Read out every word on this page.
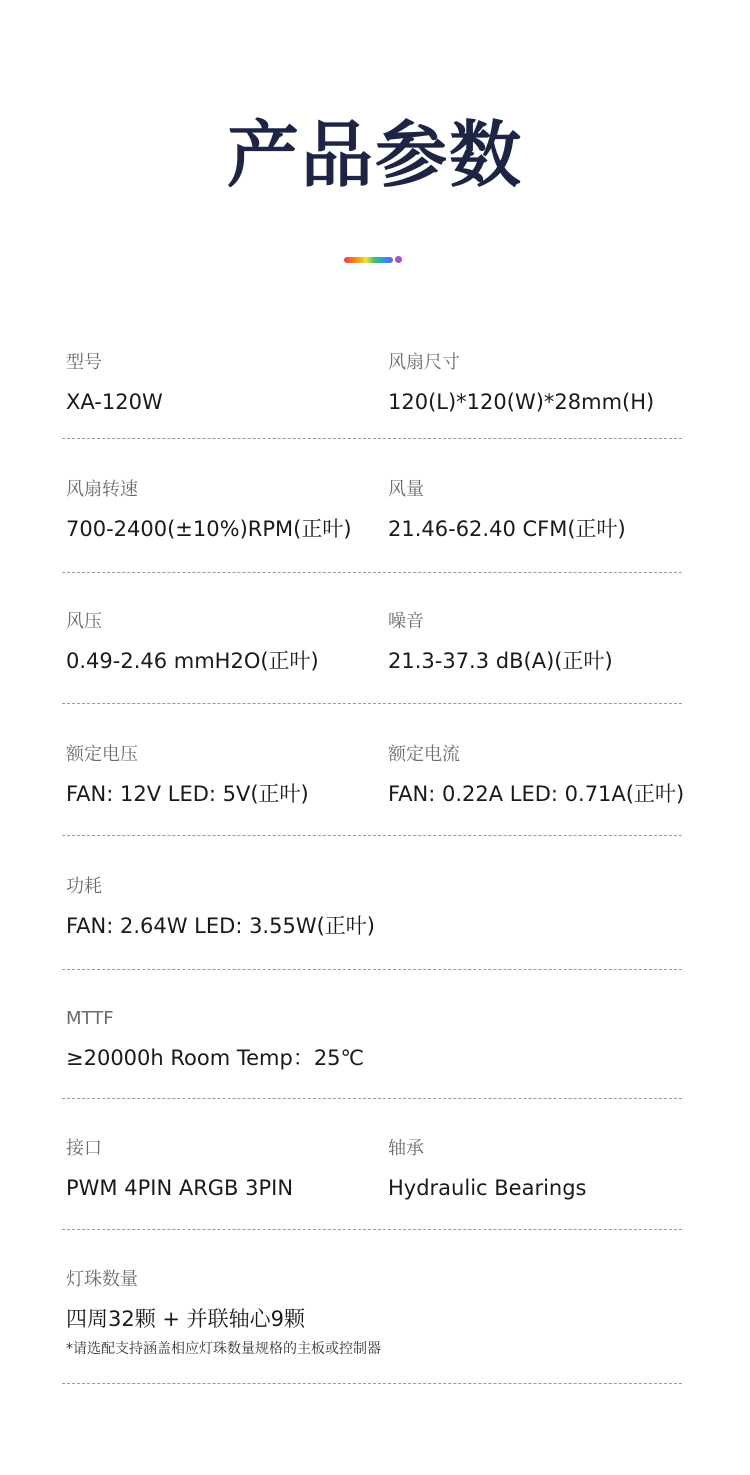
产品参数
型号
XA-120W
风扇尺寸
120(L)*120(W)*28mm(H)
风扇转速
700-2400(±10%)RPM(正叶)
风量
21.46-62.40 CFM(正叶)
风压
0.49-2.46 mmH2O(正叶)
噪音
21.3-37.3 dB(A)(正叶)
额定电压
FAN: 12V LED: 5V(正叶)
额定电流
FAN: 0.22A LED: 0.71A(正叶)
功耗
FAN: 2.64W LED: 3.55W(正叶)
MTTF
≥20000h Room Temp：25℃
接口
PWM 4PIN ARGB 3PIN
轴承
Hydraulic Bearings
灯珠数量
四周32颗 + 并联轴心9颗
*请选配支持涵盖相应灯珠数量规格的主板或控制器
